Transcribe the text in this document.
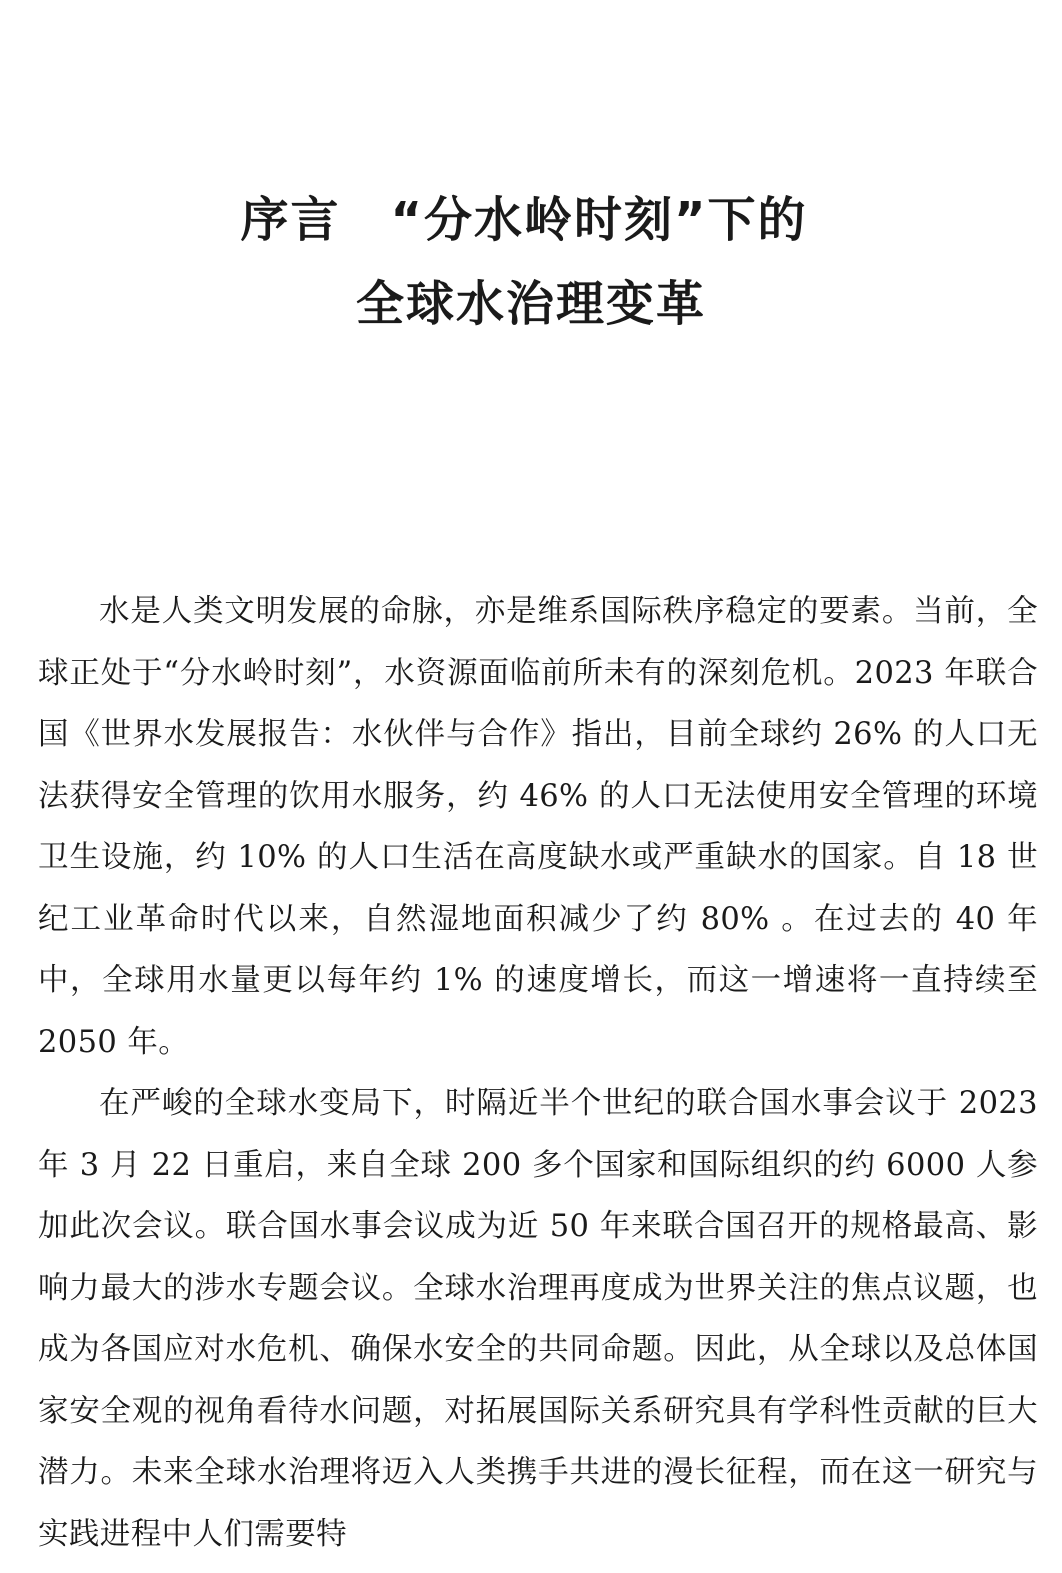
序言　“分水岭时刻”下的
全球水治理变革

水是人类文明发展的命脉，亦是维系国际秩序稳定的要素。当前，全球正处于“分水岭时刻”，水资源面临前所未有的深刻危机。2023 年联合国《世界水发展报告：水伙伴与合作》指出，目前全球约 26% 的人口无法获得安全管理的饮用水服务，约 46% 的人口无法使用安全管理的环境卫生设施，约 10% 的人口生活在高度缺水或严重缺水的国家。自 18 世纪工业革命时代以来，自然湿地面积减少了约 80% 。在过去的 40 年中，全球用水量更以每年约 1% 的速度增长，而这一增速将一直持续至 2050 年。

在严峻的全球水变局下，时隔近半个世纪的联合国水事会议于 2023 年 3 月 22 日重启，来自全球 200 多个国家和国际组织的约 6000 人参加此次会议。联合国水事会议成为近 50 年来联合国召开的规格最高、影响力最大的涉水专题会议。全球水治理再度成为世界关注的焦点议题，也成为各国应对水危机、确保水安全的共同命题。因此，从全球以及总体国家安全观的视角看待水问题，对拓展国际关系研究具有学科性贡献的巨大潜力。未来全球水治理将迈入人类携手共进的漫长征程，而在这一研究与实践进程中人们需要特
